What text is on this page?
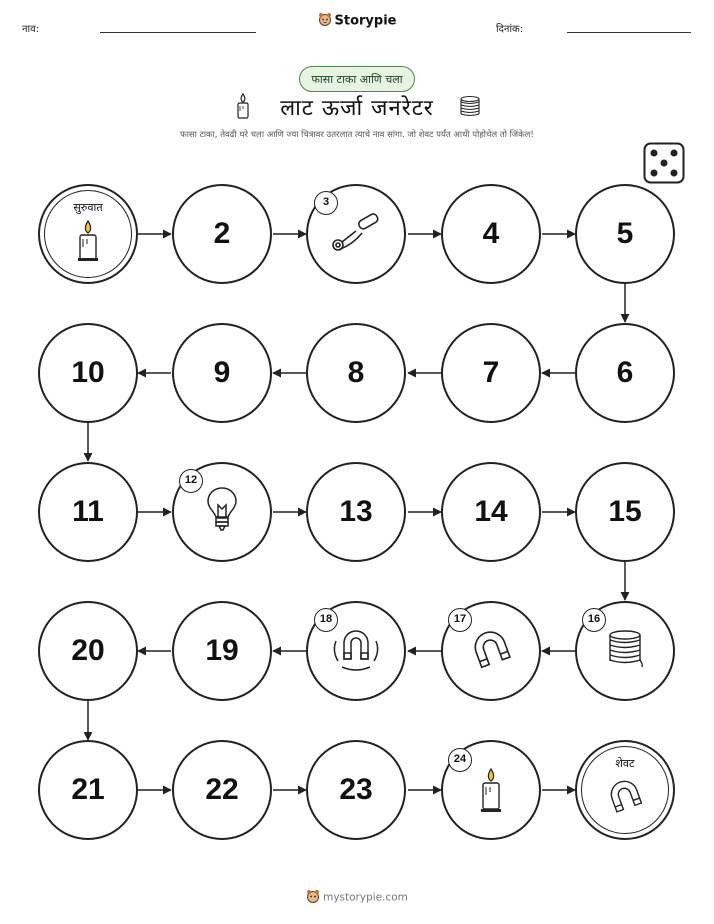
नाव:
Storypie
दिनांक:
फासा टाका आणि चला
लाट ऊर्जा जनरेटर
फासा टाका, तेवढी घरे चला आणि ज्या चित्रावर उतरलात त्याचे नाव सांगा. जो शेवट पर्यंत आधी पोहोचेल तो जिंकेल!
सुरुवात
2
3
4	5
10	9	8	7	6
11
12
13	14	15
20	19
18	17	16
21	22	23
24	शेवट
mystorypie.com
